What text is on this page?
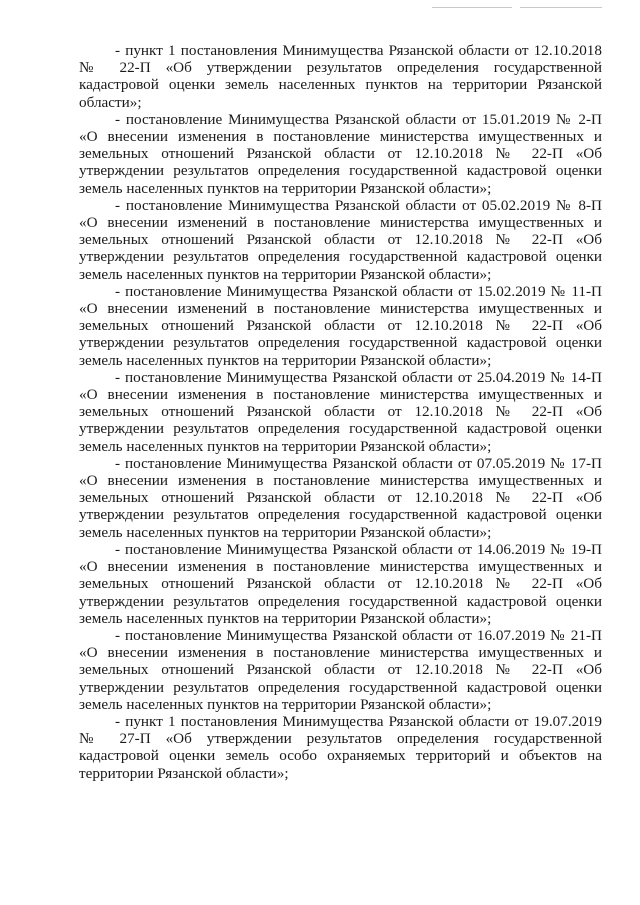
- пункт 1 постановления Минимущества Рязанской области от 12.10.2018 № 22-П «Об утверждении результатов определения государственной кадастровой оценки земель населенных пунктов на территории Рязанской области»;

- постановление Минимущества Рязанской области от 15.01.2019 № 2-П «О внесении изменения в постановление министерства имущественных и земельных отношений Рязанской области от 12.10.2018 № 22-П «Об утверждении результатов определения государственной кадастровой оценки земель населенных пунктов на территории Рязанской области»;

- постановление Минимущества Рязанской области от 05.02.2019 № 8-П «О внесении изменений в постановление министерства имущественных и земельных отношений Рязанской области от 12.10.2018 № 22-П «Об утверждении результатов определения государственной кадастровой оценки земель населенных пунктов на территории Рязанской области»;

- постановление Минимущества Рязанской области от 15.02.2019 № 11-П «О внесении изменений в постановление министерства имущественных и земельных отношений Рязанской области от 12.10.2018 № 22-П «Об утверждении результатов определения государственной кадастровой оценки земель населенных пунктов на территории Рязанской области»;

- постановление Минимущества Рязанской области от 25.04.2019 № 14-П «О внесении изменения в постановление министерства имущественных и земельных отношений Рязанской области от 12.10.2018 № 22-П «Об утверждении результатов определения государственной кадастровой оценки земель населенных пунктов на территории Рязанской области»;

- постановление Минимущества Рязанской области от 07.05.2019 № 17-П «О внесении изменения в постановление министерства имущественных и земельных отношений Рязанской области от 12.10.2018 № 22-П «Об утверждении результатов определения государственной кадастровой оценки земель населенных пунктов на территории Рязанской области»;

- постановление Минимущества Рязанской области от 14.06.2019 № 19-П «О внесении изменения в постановление министерства имущественных и земельных отношений Рязанской области от 12.10.2018 № 22-П «Об утверждении результатов определения государственной кадастровой оценки земель населенных пунктов на территории Рязанской области»;

- постановление Минимущества Рязанской области от 16.07.2019 № 21-П «О внесении изменения в постановление министерства имущественных и земельных отношений Рязанской области от 12.10.2018 № 22-П «Об утверждении результатов определения государственной кадастровой оценки земель населенных пунктов на территории Рязанской области»;

- пункт 1 постановления Минимущества Рязанской области от 19.07.2019 № 27-П «Об утверждении результатов определения государственной кадастровой оценки земель особо охраняемых территорий и объектов на территории Рязанской области»;
